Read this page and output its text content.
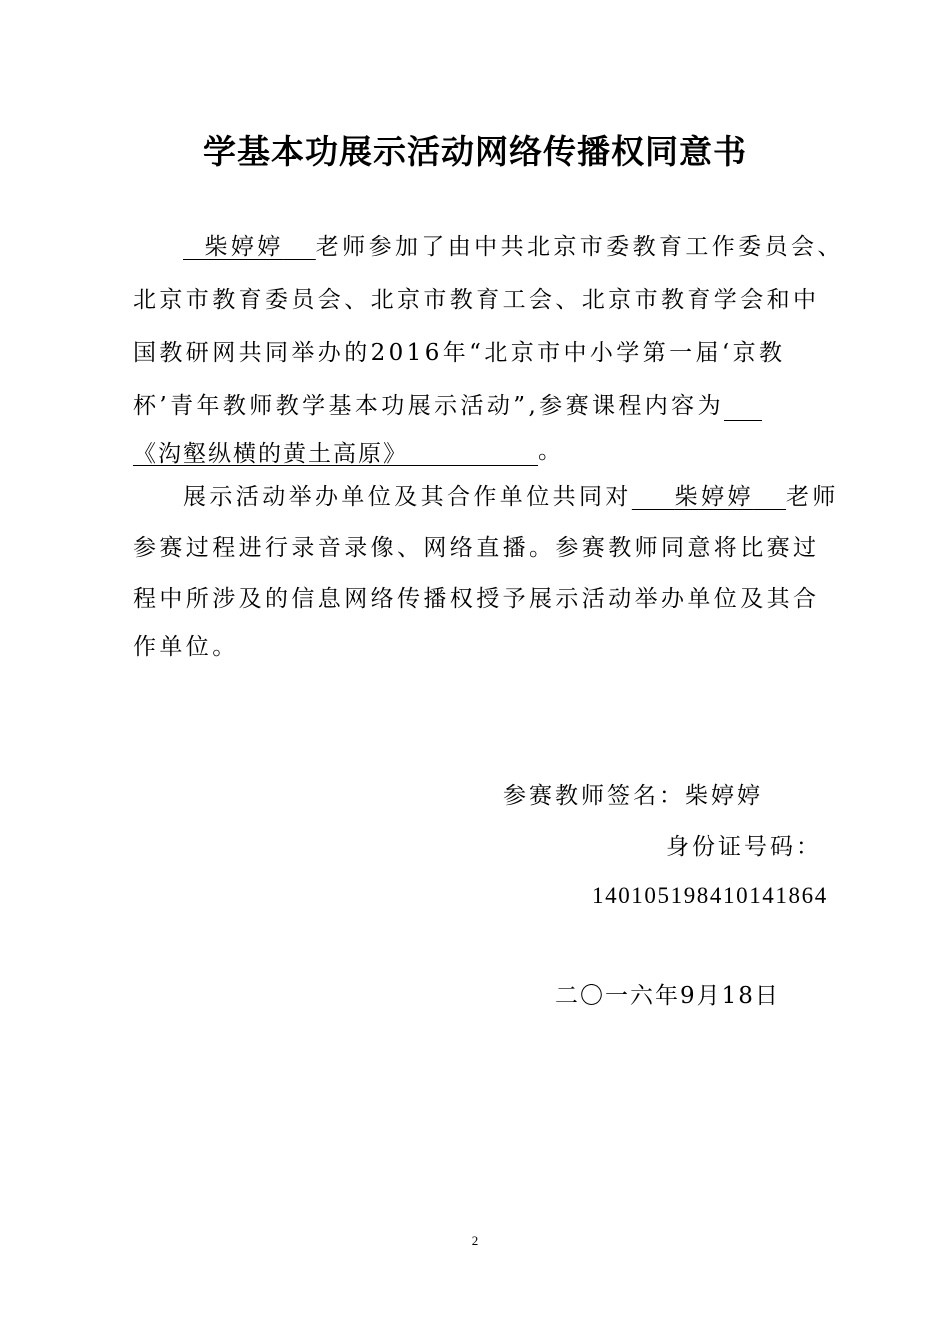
学基本功展示活动网络传播权同意书
柴婷婷 老师参加了由中共北京市委教育工作委员会、
北京市教育委员会、北京市教育工会、北京市教育学会和中
国教研网共同举办的2016年“北京市中小学第一届‘京教
杯’青年教师教学基本功展示活动”,参赛课程内容为
《沟壑纵横的黄土高原》	。
展示活动举办单位及其合作单位共同对 柴婷婷 老师
参赛过程进行录音录像、网络直播。参赛教师同意将比赛过
程中所涉及的信息网络传播权授予展示活动举办单位及其合
作单位。
参赛教师签名：柴婷婷
身份证号码：
140105198410141864
二〇一六年9月18日
2
